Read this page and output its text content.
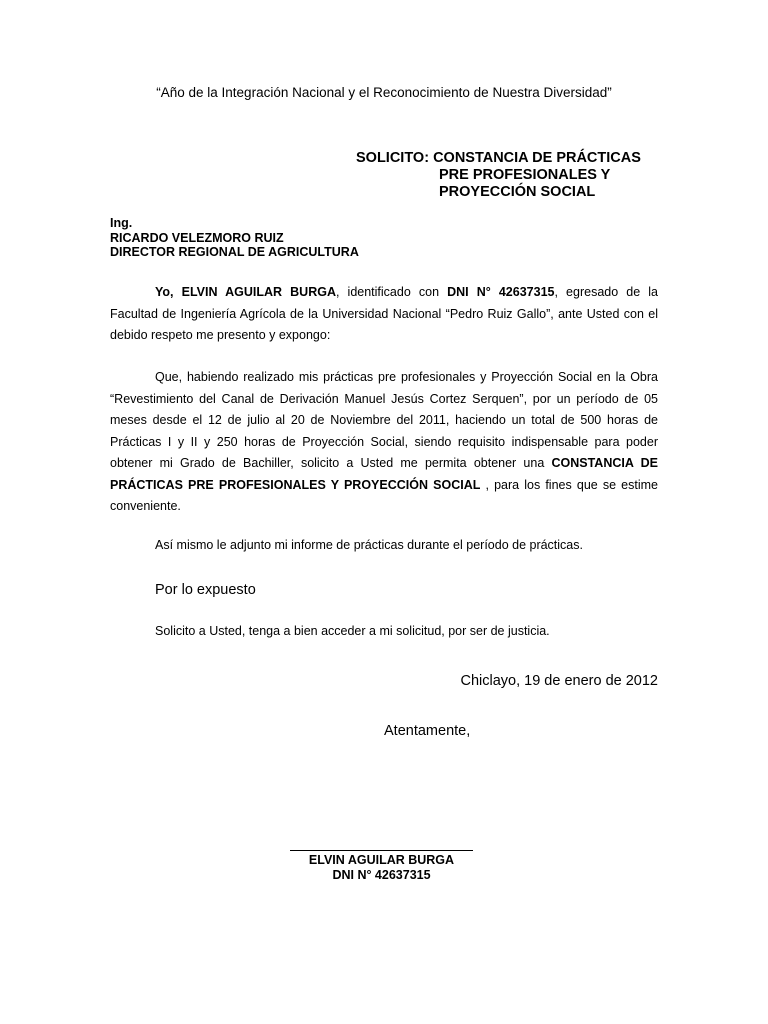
“Año de la Integración Nacional y el Reconocimiento de Nuestra Diversidad”
SOLICITO: CONSTANCIA DE PRÁCTICAS
PRE PROFESIONALES Y
PROYECCIÓN SOCIAL
Ing.
RICARDO VELEZMORO RUIZ
DIRECTOR REGIONAL DE AGRICULTURA
Yo, ELVIN AGUILAR BURGA, identificado con DNI N° 42637315, egresado de la Facultad de Ingeniería Agrícola de la Universidad Nacional “Pedro Ruiz Gallo”, ante Usted con el debido respeto me presento y expongo:
Que, habiendo realizado mis prácticas pre profesionales y Proyección Social en la Obra “Revestimiento del Canal de Derivación Manuel Jesús Cortez Serquen”, por un período de 05 meses desde el 12 de julio al 20 de Noviembre del 2011, haciendo un total de 500 horas de Prácticas I y II y 250 horas de Proyección Social, siendo requisito indispensable para poder obtener mi Grado de Bachiller, solicito a Usted me permita obtener una CONSTANCIA DE PRÁCTICAS PRE PROFESIONALES Y PROYECCIÓN SOCIAL , para los fines que se estime conveniente.
Así mismo le adjunto mi informe de prácticas durante el período de prácticas.
Por lo expuesto
Solicito a Usted, tenga a bien acceder a mi solicitud, por ser de justicia.
Chiclayo, 19 de enero de 2012
Atentamente,
ELVIN AGUILAR BURGA
DNI N° 42637315
